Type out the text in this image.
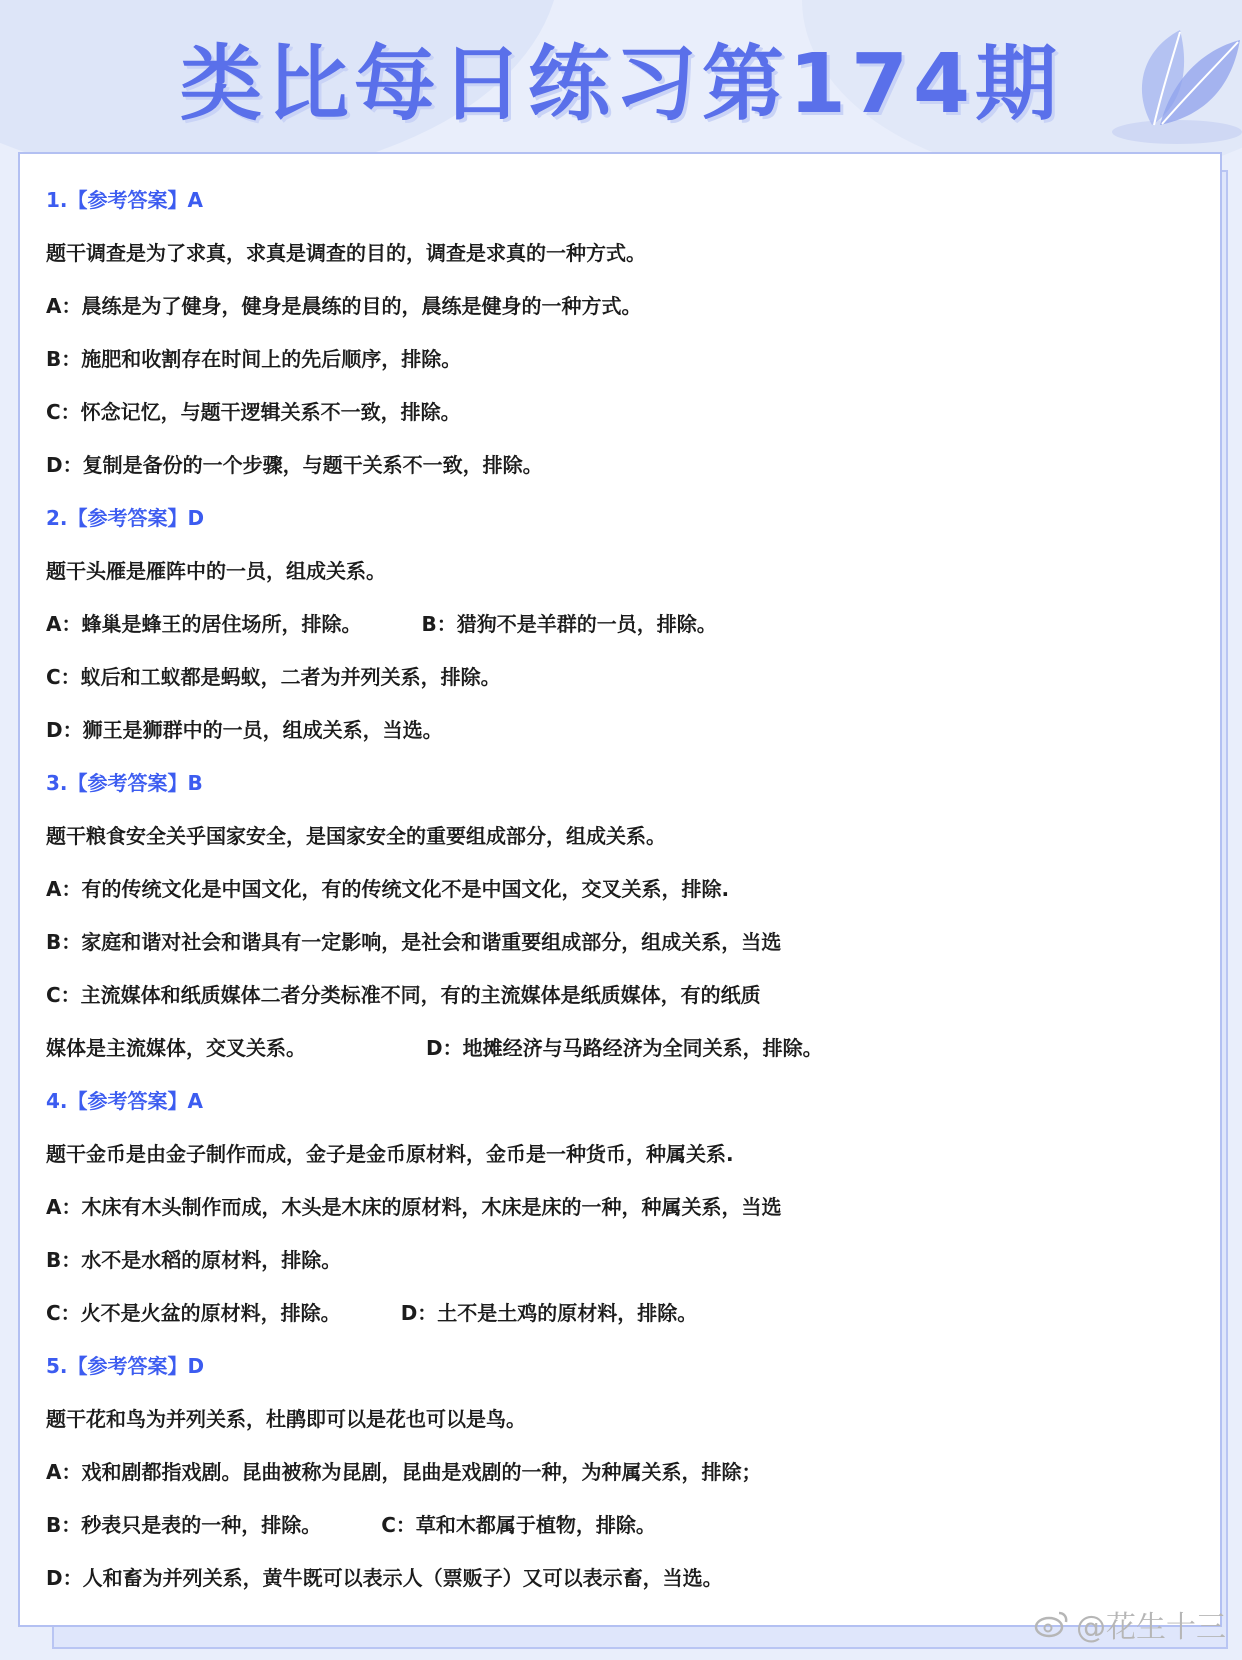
类比每日练习第174期
1.【参考答案】A
题干调查是为了求真，求真是调查的目的，调查是求真的一种方式。
A：晨练是为了健身，健身是晨练的目的，晨练是健身的一种方式。
B：施肥和收割存在时间上的先后顺序，排除。
C：怀念记忆，与题干逻辑关系不一致，排除。
D：复制是备份的一个步骤，与题干关系不一致，排除。
2.【参考答案】D
题干头雁是雁阵中的一员，组成关系。
A：蜂巢是蜂王的居住场所，排除。	B：猎狗不是羊群的一员，排除。
C：蚁后和工蚁都是蚂蚁，二者为并列关系，排除。
D：狮王是狮群中的一员，组成关系，当选。
3.【参考答案】B
题干粮食安全关乎国家安全，是国家安全的重要组成部分，组成关系。
A：有的传统文化是中国文化，有的传统文化不是中国文化，交叉关系，排除.
B：家庭和谐对社会和谐具有一定影响，是社会和谐重要组成部分，组成关系，当选
C：主流媒体和纸质媒体二者分类标准不同，有的主流媒体是纸质媒体，有的纸质
媒体是主流媒体，交叉关系。	D：地摊经济与马路经济为全同关系，排除。
4.【参考答案】A
题干金币是由金子制作而成，金子是金币原材料，金币是一种货币，种属关系.
A：木床有木头制作而成，木头是木床的原材料，木床是床的一种，种属关系，当选
B：水不是水稻的原材料，排除。
C：火不是火盆的原材料，排除。	D：土不是土鸡的原材料，排除。
5.【参考答案】D
题干花和鸟为并列关系，杜鹃即可以是花也可以是鸟。
A：戏和剧都指戏剧。昆曲被称为昆剧，昆曲是戏剧的一种，为种属关系，排除；
B：秒表只是表的一种，排除。	C：草和木都属于植物，排除。
D：人和畜为并列关系，黄牛既可以表示人（票贩子）又可以表示畜，当选。
@花生十三
